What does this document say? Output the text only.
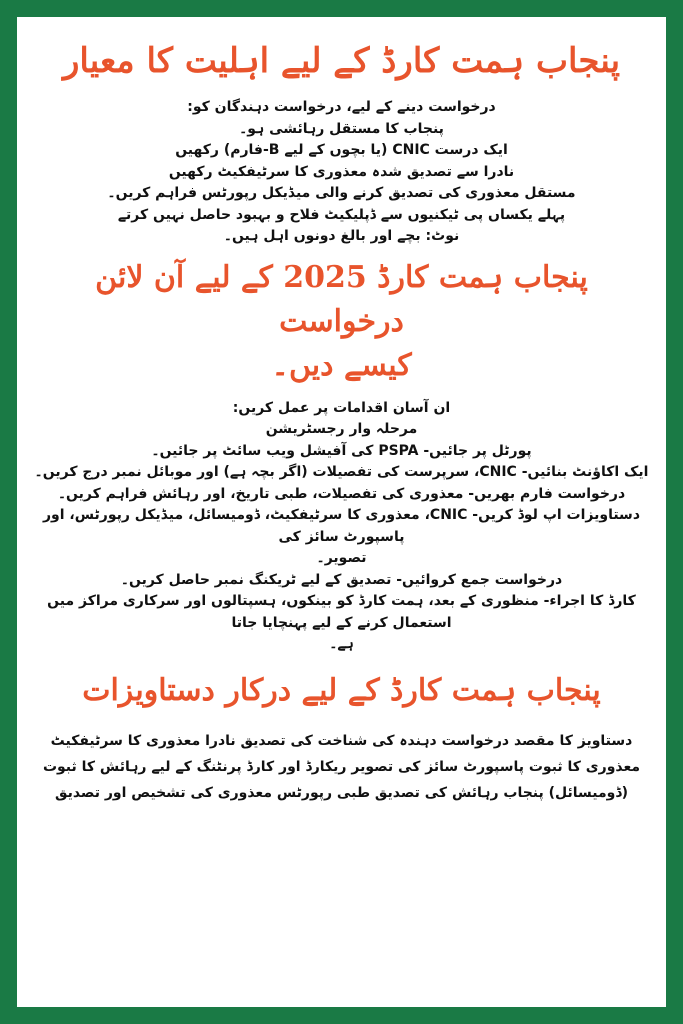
پنجاب ہمت کارڈ کے لیے اہلیت کا معیار

درخواست دینے کے لیے، درخواست دہندگان کو:

پنجاب کا مستقل رہائشی ہو۔

ایک درست CNIC (یا بچوں کے لیے B-فارم) رکھیں

نادرا سے تصدیق شدہ معذوری کا سرٹیفکیٹ رکھیں

مستقل معذوری کی تصدیق کرنے والی میڈیکل رپورٹس فراہم کریں۔

پہلے یکساں پی ٹیکنیوں سے ڈپلیکیٹ فلاح و بہبود حاصل نہیں کرتے

نوٹ: بچے اور بالغ دونوں اہل ہیں۔

پنجاب ہمت کارڈ 2025 کے لیے آن لائن درخواست
کیسے دیں۔

ان آسان اقدامات پر عمل کریں:

مرحلہ وار رجسٹریشن

پورٹل پر جائیں- PSPA کی آفیشل ویب سائٹ پر جائیں۔

ایک اکاؤنٹ بنائیں- CNIC، سرپرست کی تفصیلات (اگر بچہ ہے) اور موبائل نمبر درج کریں۔

درخواست فارم بھریں- معذوری کی تفصیلات، طبی تاریخ، اور رہائش فراہم کریں۔

دستاویزات اپ لوڈ کریں- CNIC، معذوری کا سرٹیفکیٹ، ڈومیسائل، میڈیکل رپورٹس، اور پاسپورٹ سائز کی

تصویر۔

درخواست جمع کروائیں- تصدیق کے لیے ٹریکنگ نمبر حاصل کریں۔

کارڈ کا اجراء- منظوری کے بعد، ہمت کارڈ کو بینکوں، ہسپتالوں اور سرکاری مراکز میں استعمال کرنے کے لیے پہنچایا جاتا

ہے۔

پنجاب ہمت کارڈ کے لیے درکار دستاویزات

دستاویز کا مقصد درخواست دہندہ کی شناخت کی تصدیق نادرا معذوری کا سرٹیفکیٹ معذوری کا ثبوت پاسپورٹ سائز کی تصویر ریکارڈ اور کارڈ پرنٹنگ کے لیے رہائش کا ثبوت (ڈومیسائل) پنجاب رہائش کی تصدیق طبی رپورٹس معذوری کی تشخیص اور تصدیق
